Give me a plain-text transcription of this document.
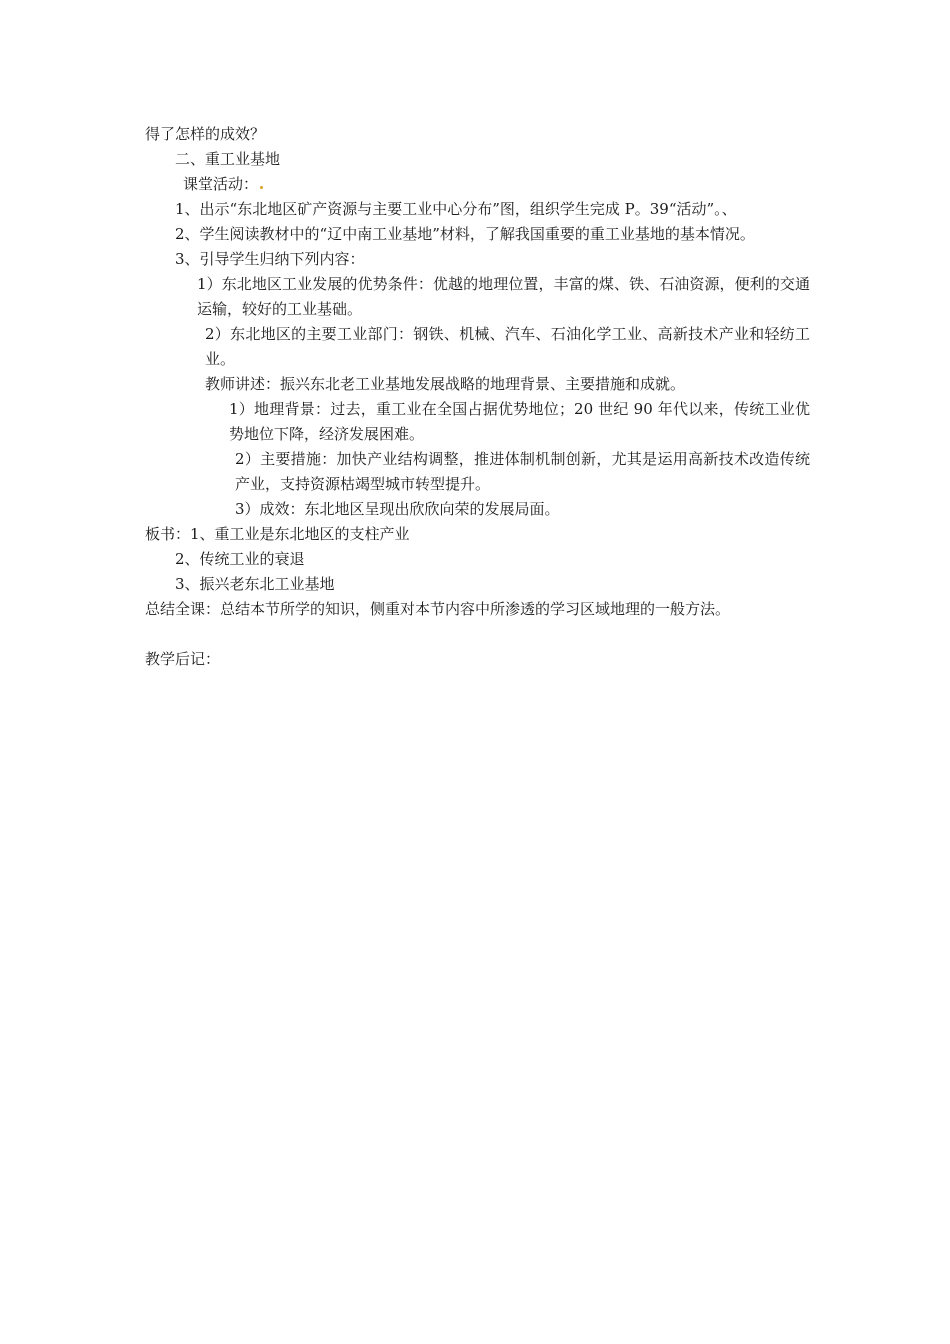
得了怎样的成效？

二、重工业基地

课堂活动：

1、出示“东北地区矿产资源与主要工业中心分布”图，组织学生完成 P。39“活动”。、

2、学生阅读教材中的“辽中南工业基地”材料，了解我国重要的重工业基地的基本情况。

3、引导学生归纳下列内容：

1）东北地区工业发展的优势条件：优越的地理位置，丰富的煤、铁、石油资源，便利的交通运输，较好的工业基础。

2）东北地区的主要工业部门：钢铁、机械、汽车、石油化学工业、高新技术产业和轻纺工业。

教师讲述：振兴东北老工业基地发展战略的地理背景、主要措施和成就。

1）地理背景：过去，重工业在全国占据优势地位；20 世纪 90 年代以来，传统工业优势地位下降，经济发展困难。

2）主要措施：加快产业结构调整，推进体制机制创新，尤其是运用高新技术改造传统产业，支持资源枯竭型城市转型提升。

3）成效：东北地区呈现出欣欣向荣的发展局面。

板书：1、重工业是东北地区的支柱产业

2、传统工业的衰退

3、振兴老东北工业基地

总结全课：总结本节所学的知识，侧重对本节内容中所渗透的学习区域地理的一般方法。

教学后记：
